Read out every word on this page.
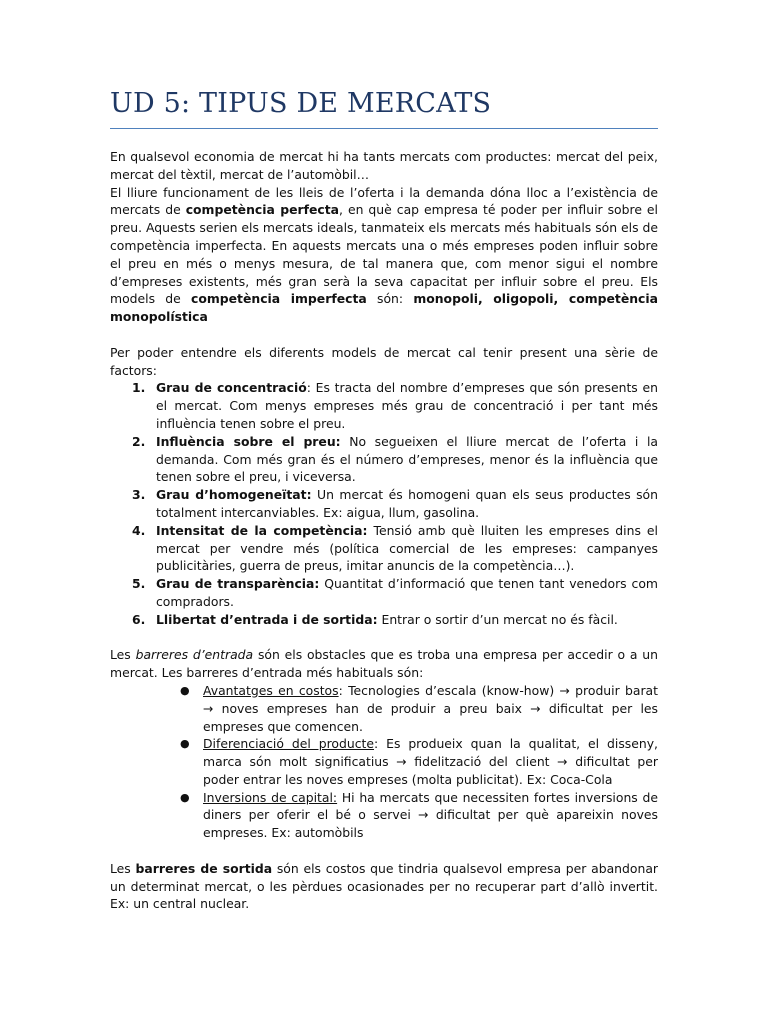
UD 5: TIPUS DE MERCATS

En qualsevol economia de mercat hi ha tants mercats com productes: mercat del peix, mercat del tèxtil, mercat de l’automòbil…

El lliure funcionament de les lleis de l’oferta i la demanda dóna lloc a l’existència de mercats de competència perfecta, en què cap empresa té poder per influir sobre el preu. Aquests serien els mercats ideals, tanmateix els mercats més habituals són els de competència imperfecta. En aquests mercats una o més empreses poden influir sobre el preu en més o menys mesura, de tal manera que, com menor sigui el nombre d’empreses existents, més gran serà la seva capacitat per influir sobre el preu. Els models de competència imperfecta són: monopoli, oligopoli, competència monopolística

Per poder entendre els diferents models de mercat cal tenir present una sèrie de factors:

1. Grau de concentració: Es tracta del nombre d’empreses que són presents en el mercat. Com menys empreses més grau de concentració i per tant més influència tenen sobre el preu.
2. Influència sobre el preu: No segueixen el lliure mercat de l’oferta i la demanda. Com més gran és el número d’empreses, menor és la influència que tenen sobre el preu, i viceversa.
3. Grau d’homogeneïtat: Un mercat és homogeni quan els seus productes són totalment intercanviables. Ex: aigua, llum, gasolina.
4. Intensitat de la competència: Tensió amb què lluiten les empreses dins el mercat per vendre més (política comercial de les empreses: campanyes publicitàries, guerra de preus, imitar anuncis de la competència…).
5. Grau de transparència: Quantitat d’informació que tenen tant venedors com compradors.
6. Llibertat d’entrada i de sortida: Entrar o sortir d’un mercat no és fàcil.

Les barreres d’entrada són els obstacles que es troba una empresa per accedir o a un mercat. Les barreres d’entrada més habituals són:

● Avantatges en costos: Tecnologies d’escala (know-how) → produir barat → noves empreses han de produir a preu baix → dificultat per les empreses que comencen.
● Diferenciació del producte: Es produeix quan la qualitat, el disseny, marca són molt significatius → fidelització del client → dificultat per poder entrar les noves empreses (molta publicitat). Ex: Coca-Cola
● Inversions de capital: Hi ha mercats que necessiten fortes inversions de diners per oferir el bé o servei → dificultat per què apareixin noves empreses. Ex: automòbils

Les barreres de sortida són els costos que tindria qualsevol empresa per abandonar un determinat mercat, o les pèrdues ocasionades per no recuperar part d’allò invertit. Ex: un central nuclear.
